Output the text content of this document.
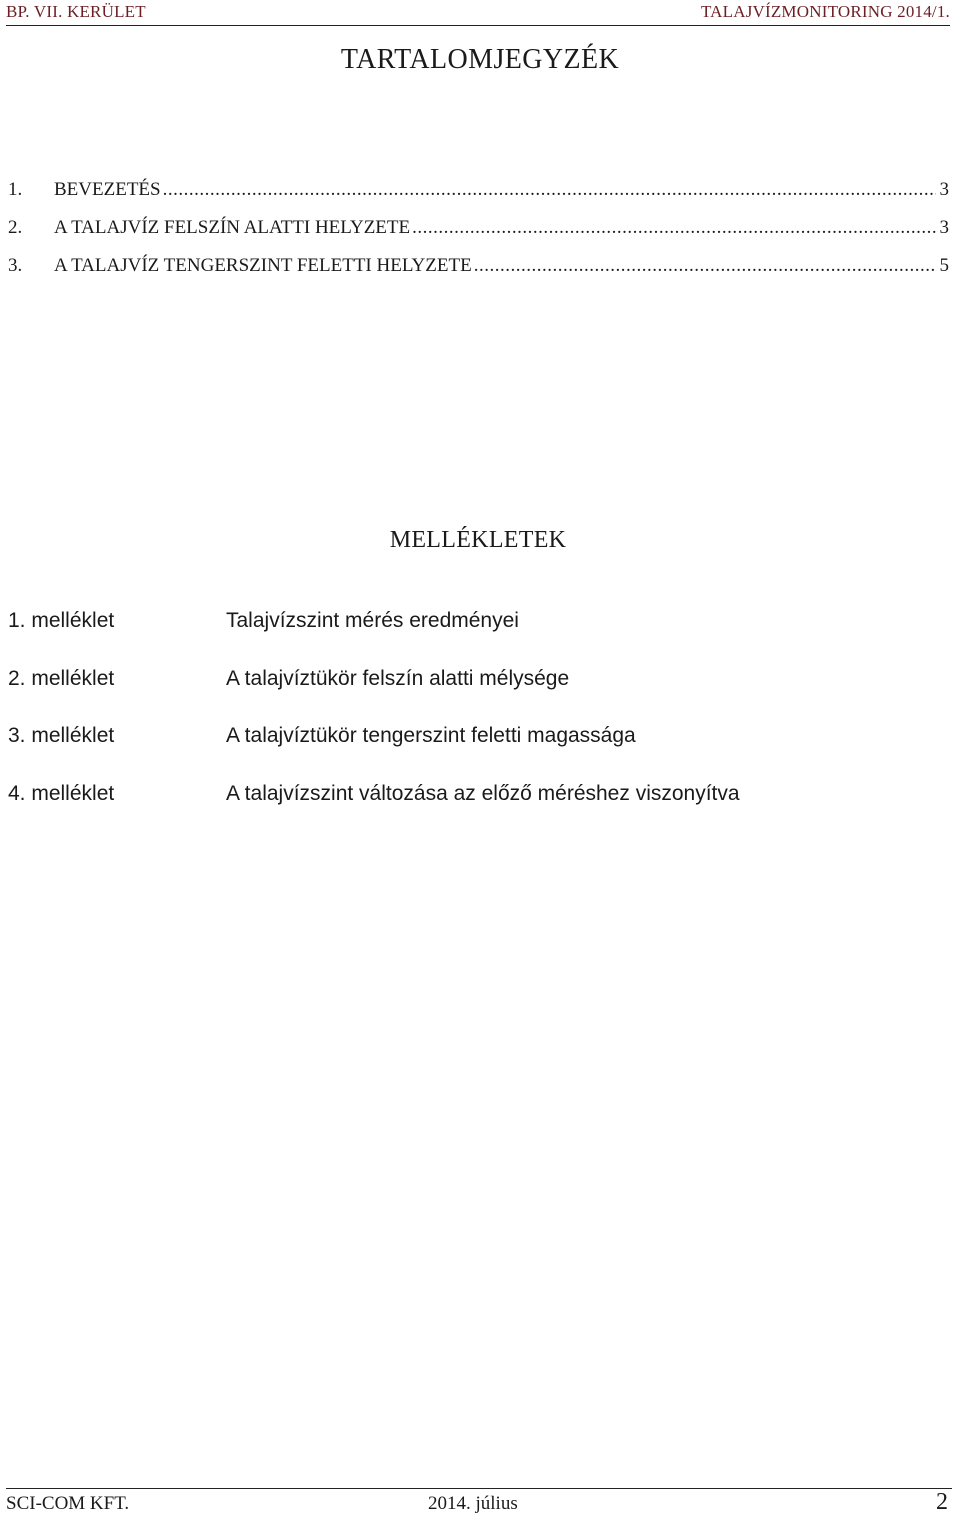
BP. VII. KERÜLET	TALAJVÍZMONITORING 2014/1.
TARTALOMJEGYZÉK
1.	BEVEZETÉS .....	3
2.	A TALAJVÍZ FELSZÍN ALATTI HELYZETE .....	3
3.	A TALAJVÍZ TENGERSZINT FELETTI HELYZETE .....	5
MELLÉKLETEK
1. melléklet	Talajvízszint mérés eredményei
2. melléklet	A talajvíztükör felszín alatti mélysége
3. melléklet	A talajvíztükör tengerszint feletti magassága
4. melléklet	A talajvízszint változása az előző méréshez viszonyítva
SCI-COM KFT.	2014. július	2
